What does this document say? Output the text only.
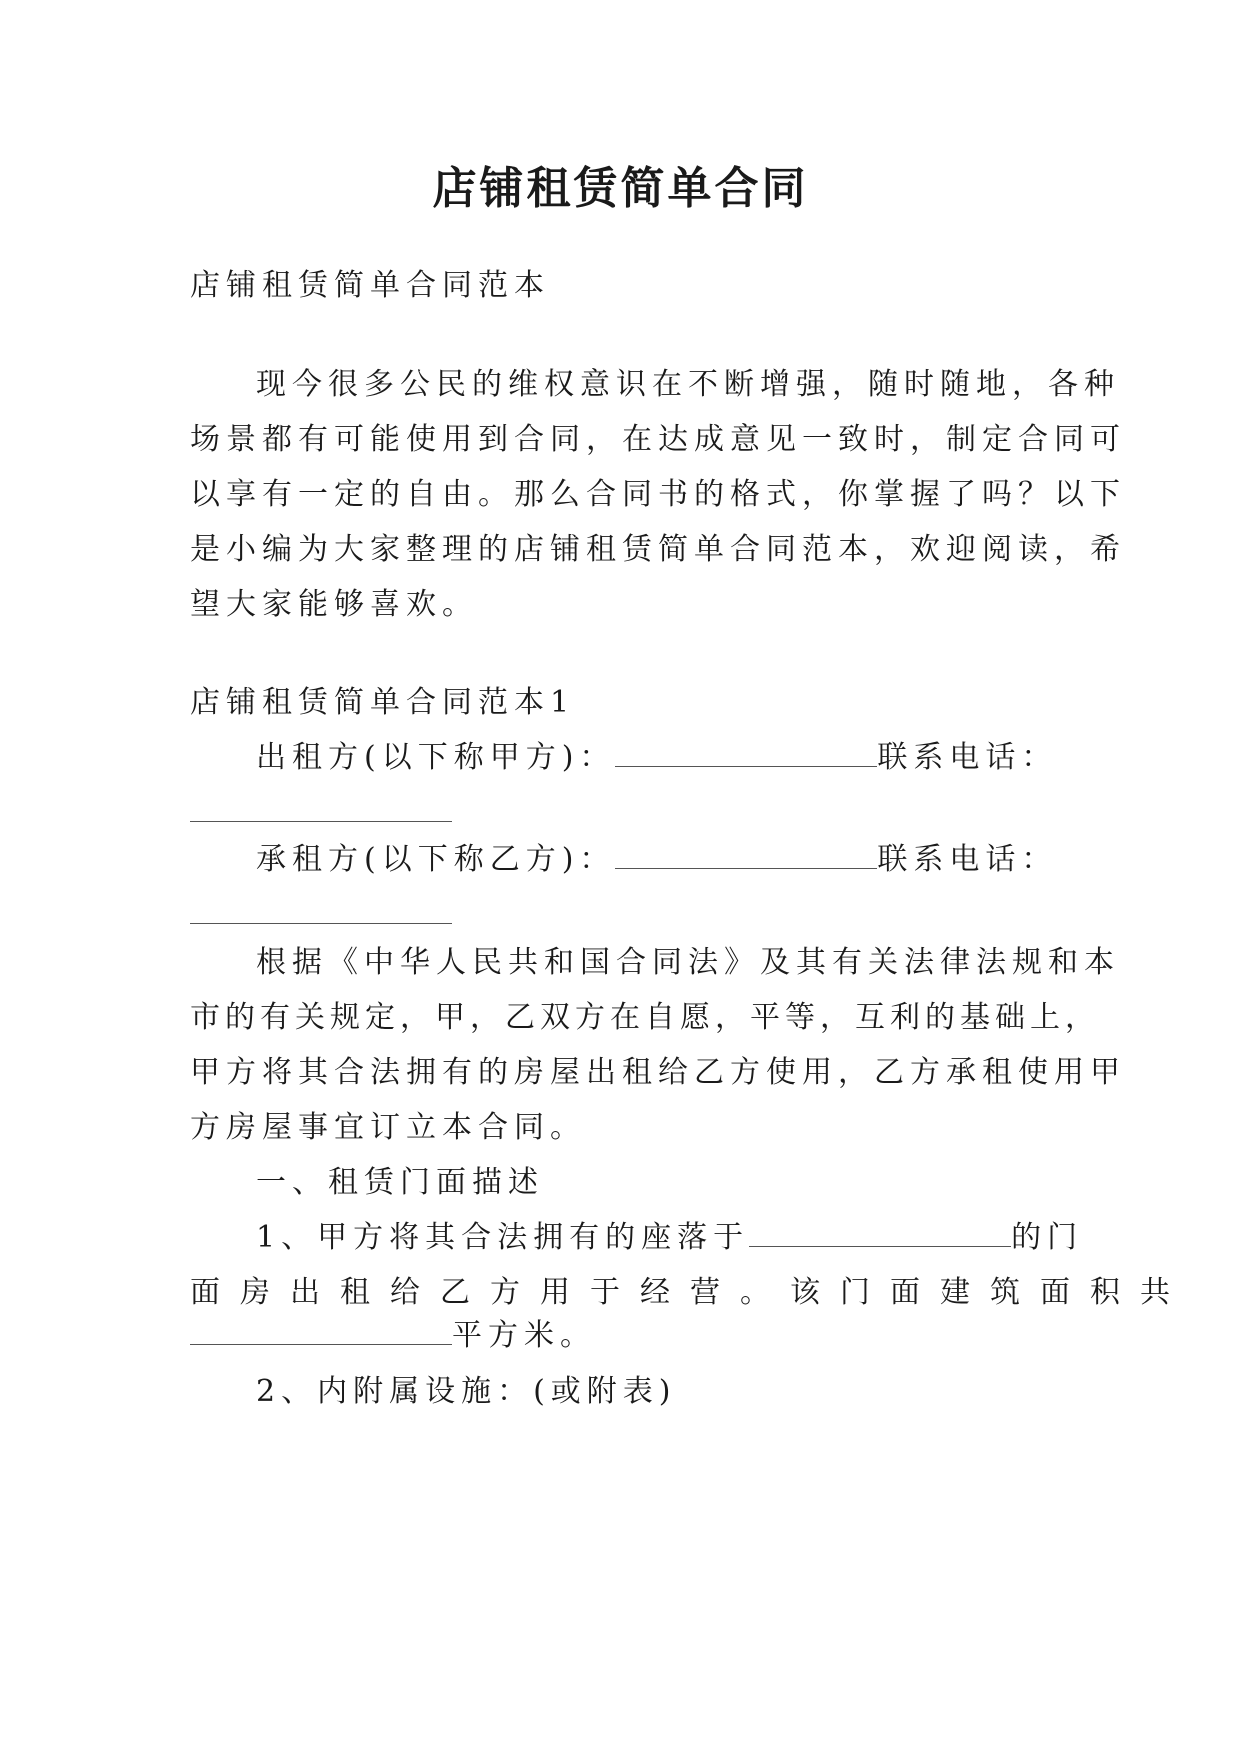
店铺租赁简单合同
店铺租赁简单合同范本
现今很多公民的维权意识在不断增强，随时随地，各种
场景都有可能使用到合同，在达成意见一致时，制定合同可
以享有一定的自由。那么合同书的格式，你掌握了吗？以下
是小编为大家整理的店铺租赁简单合同范本，欢迎阅读，希
望大家能够喜欢。
店铺租赁简单合同范本1
出租方(以下称甲方)：	联系电话：
承租方(以下称乙方)：	联系电话：
根据《中华人民共和国合同法》及其有关法律法规和本
市的有关规定，甲，乙双方在自愿，平等，互利的基础上，
甲方将其合法拥有的房屋出租给乙方使用，乙方承租使用甲
方房屋事宜订立本合同。
一、租赁门面描述
1、甲方将其合法拥有的座落于	的门
面房出租给乙方用于经营。该门面建筑面积共
平方米。
2、内附属设施：(或附表)
